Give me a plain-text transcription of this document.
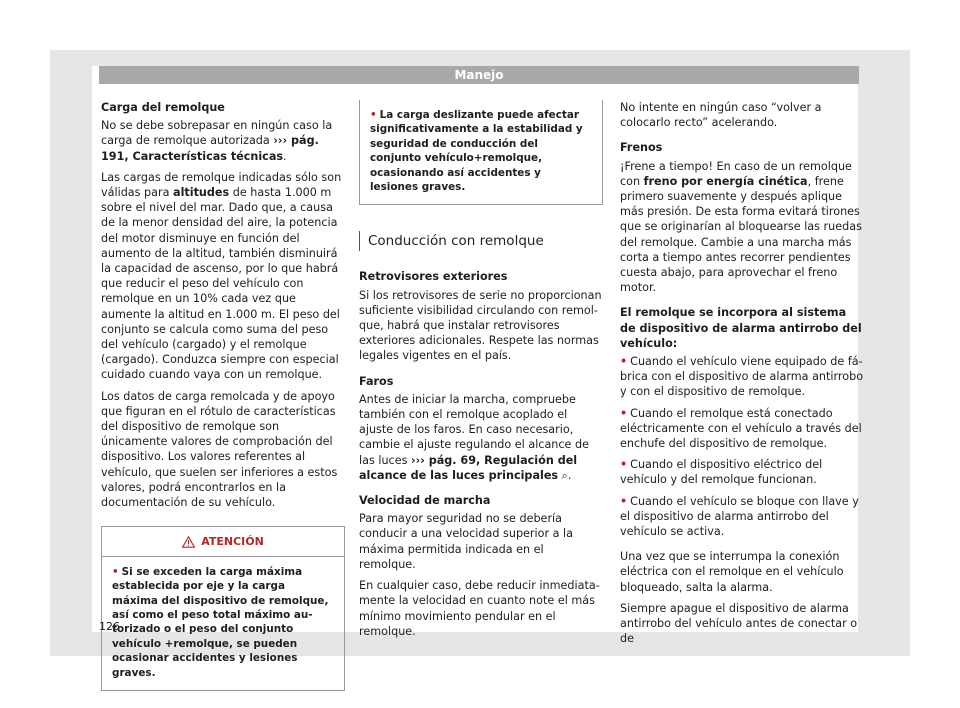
Manejo

Carga del remolque

No se debe sobrepasar en ningún caso la carga de remolque autorizada ››› pág. 191, Características técnicas.

Las cargas de remolque indicadas sólo son válidas para altitudes de hasta 1.000 m sobre el nivel del mar. Dado que, a causa de la menor densidad del aire, la potencia del motor disminuye en función del aumento de la altitud, también disminuirá la capacidad de ascenso, por lo que habrá que reducir el peso del vehículo con remolque en un 10% cada vez que aumente la altitud en 1.000 m. El peso del conjunto se calcula como suma del peso del vehículo (cargado) y el remolque (cargado). Conduzca siempre con especial cuidado cuando vaya con un remolque.

Los datos de carga remolcada y de apoyo que figuran en el rótulo de características del dispositivo de remolque son únicamente valores de comprobación del dispositivo. Los valores referentes al vehículo, que suelen ser inferiores a estos valores, podrá encontrarlos en la documentación de su vehículo.

ATENCIÓN
• Si se exceden la carga máxima establecida por eje y la carga máxima del dispositivo de remolque, así como el peso total máximo autorizado o el peso del conjunto vehículo +remolque, se pueden ocasionar accidentes y lesiones graves.
• La carga deslizante puede afectar significativamente a la estabilidad y seguridad de conducción del conjunto vehículo+remolque, ocasionando así accidentes y lesiones graves.
Conducción con remolque

Retrovisores exteriores

Si los retrovisores de serie no proporcionan suficiente visibilidad circulando con remolque, habrá que instalar retrovisores exteriores adicionales. Respete las normas legales vigentes en el país.

Faros

Antes de iniciar la marcha, compruebe también con el remolque acoplado el ajuste de los faros. En caso necesario, cambie el ajuste regulando el alcance de las luces ››› pág. 69, Regulación del alcance de las luces principales ⌕.

Velocidad de marcha

Para mayor seguridad no se debería conducir a una velocidad superior a la máxima permitida indicada en el remolque.

En cualquier caso, debe reducir inmediatamente la velocidad en cuanto note el más mínimo movimiento pendular en el remolque.

No intente en ningún caso “volver a colocarlo recto” acelerando.

Frenos

¡Frene a tiempo! En caso de un remolque con freno por energía cinética, frene primero suavemente y después aplique más presión. De esta forma evitará tirones que se originarían al bloquearse las ruedas del remolque. Cambie a una marcha más corta a tiempo antes recorrer pendientes cuesta abajo, para aprovechar el freno motor.

El remolque se incorpora al sistema de dispositivo de alarma antirrobo del vehículo:

• Cuando el vehículo viene equipado de fábrica con el dispositivo de alarma antirrobo y con el dispositivo de remolque.

• Cuando el remolque está conectado eléctricamente con el vehículo a través del enchufe del dispositivo de remolque.

• Cuando el dispositivo eléctrico del vehículo y del remolque funcionan.

• Cuando el vehículo se bloque con llave y el dispositivo de alarma antirrobo del vehículo se activa.

Una vez que se interrumpa la conexión eléctrica con el remolque en el vehículo bloqueado, salta la alarma.

Siempre apague el dispositivo de alarma antirrobo del vehículo antes de conectar o de

126
